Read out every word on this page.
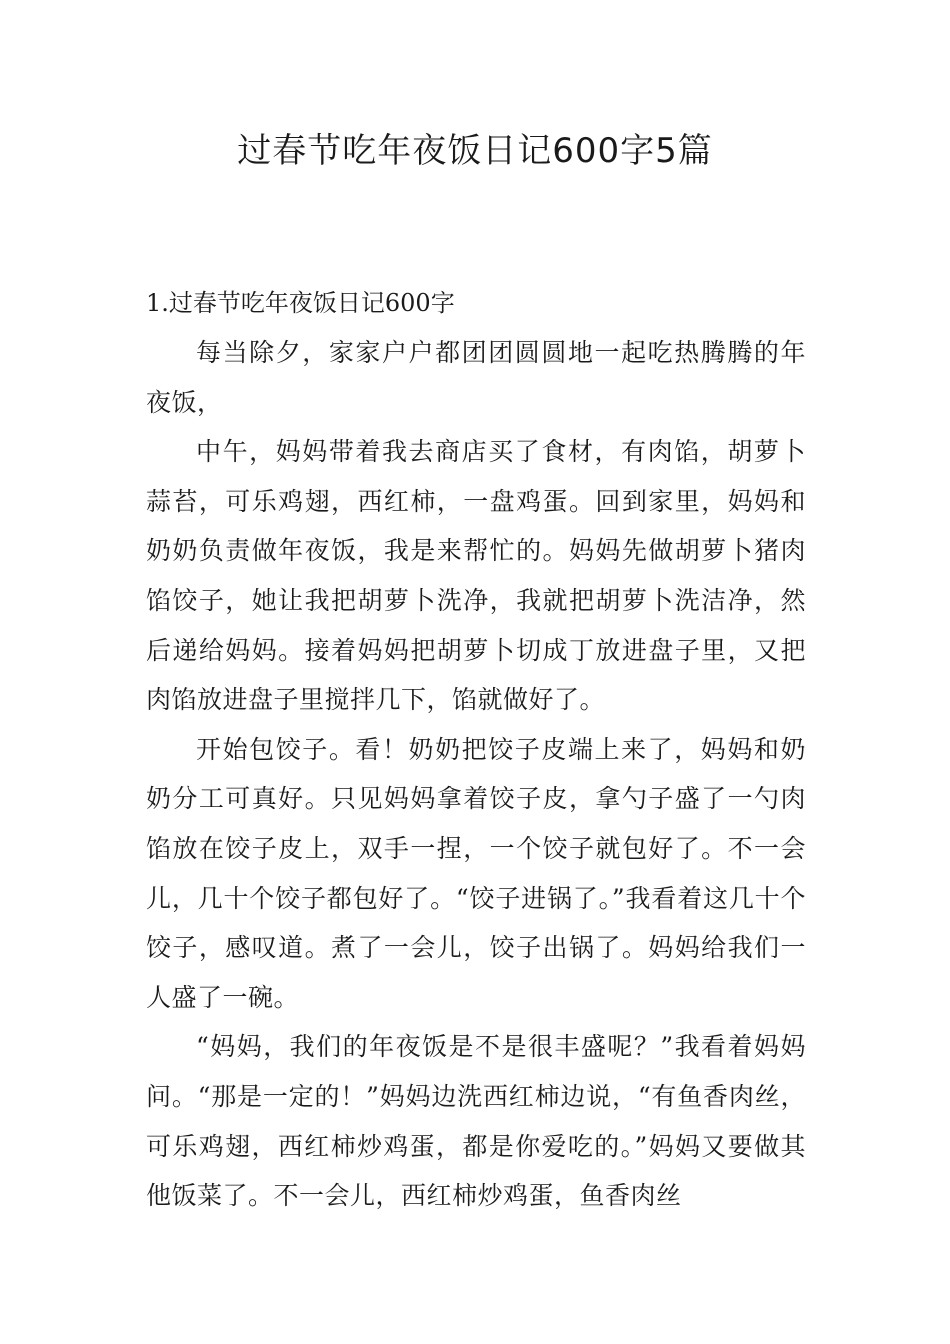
过春节吃年夜饭日记600字5篇
1.过春节吃年夜饭日记600字

每当除夕，家家户户都团团圆圆地一起吃热腾腾的年夜饭，

中午，妈妈带着我去商店买了食材，有肉馅，胡萝卜蒜苔，可乐鸡翅，西红柿，一盘鸡蛋。回到家里，妈妈和奶奶负责做年夜饭，我是来帮忙的。妈妈先做胡萝卜猪肉馅饺子，她让我把胡萝卜洗净，我就把胡萝卜洗洁净，然后递给妈妈。接着妈妈把胡萝卜切成丁放进盘子里，又把肉馅放进盘子里搅拌几下，馅就做好了。

开始包饺子。看！奶奶把饺子皮端上来了，妈妈和奶奶分工可真好。只见妈妈拿着饺子皮，拿勺子盛了一勺肉馅放在饺子皮上，双手一捏，一个饺子就包好了。不一会儿，几十个饺子都包好了。“饺子进锅了。”我看着这几十个饺子，感叹道。煮了一会儿，饺子出锅了。妈妈给我们一人盛了一碗。

“妈妈，我们的年夜饭是不是很丰盛呢？”我看着妈妈问。“那是一定的！”妈妈边洗西红柿边说，“有鱼香肉丝，可乐鸡翅，西红柿炒鸡蛋，都是你爱吃的。”妈妈又要做其他饭菜了。不一会儿，西红柿炒鸡蛋，鱼香肉丝
